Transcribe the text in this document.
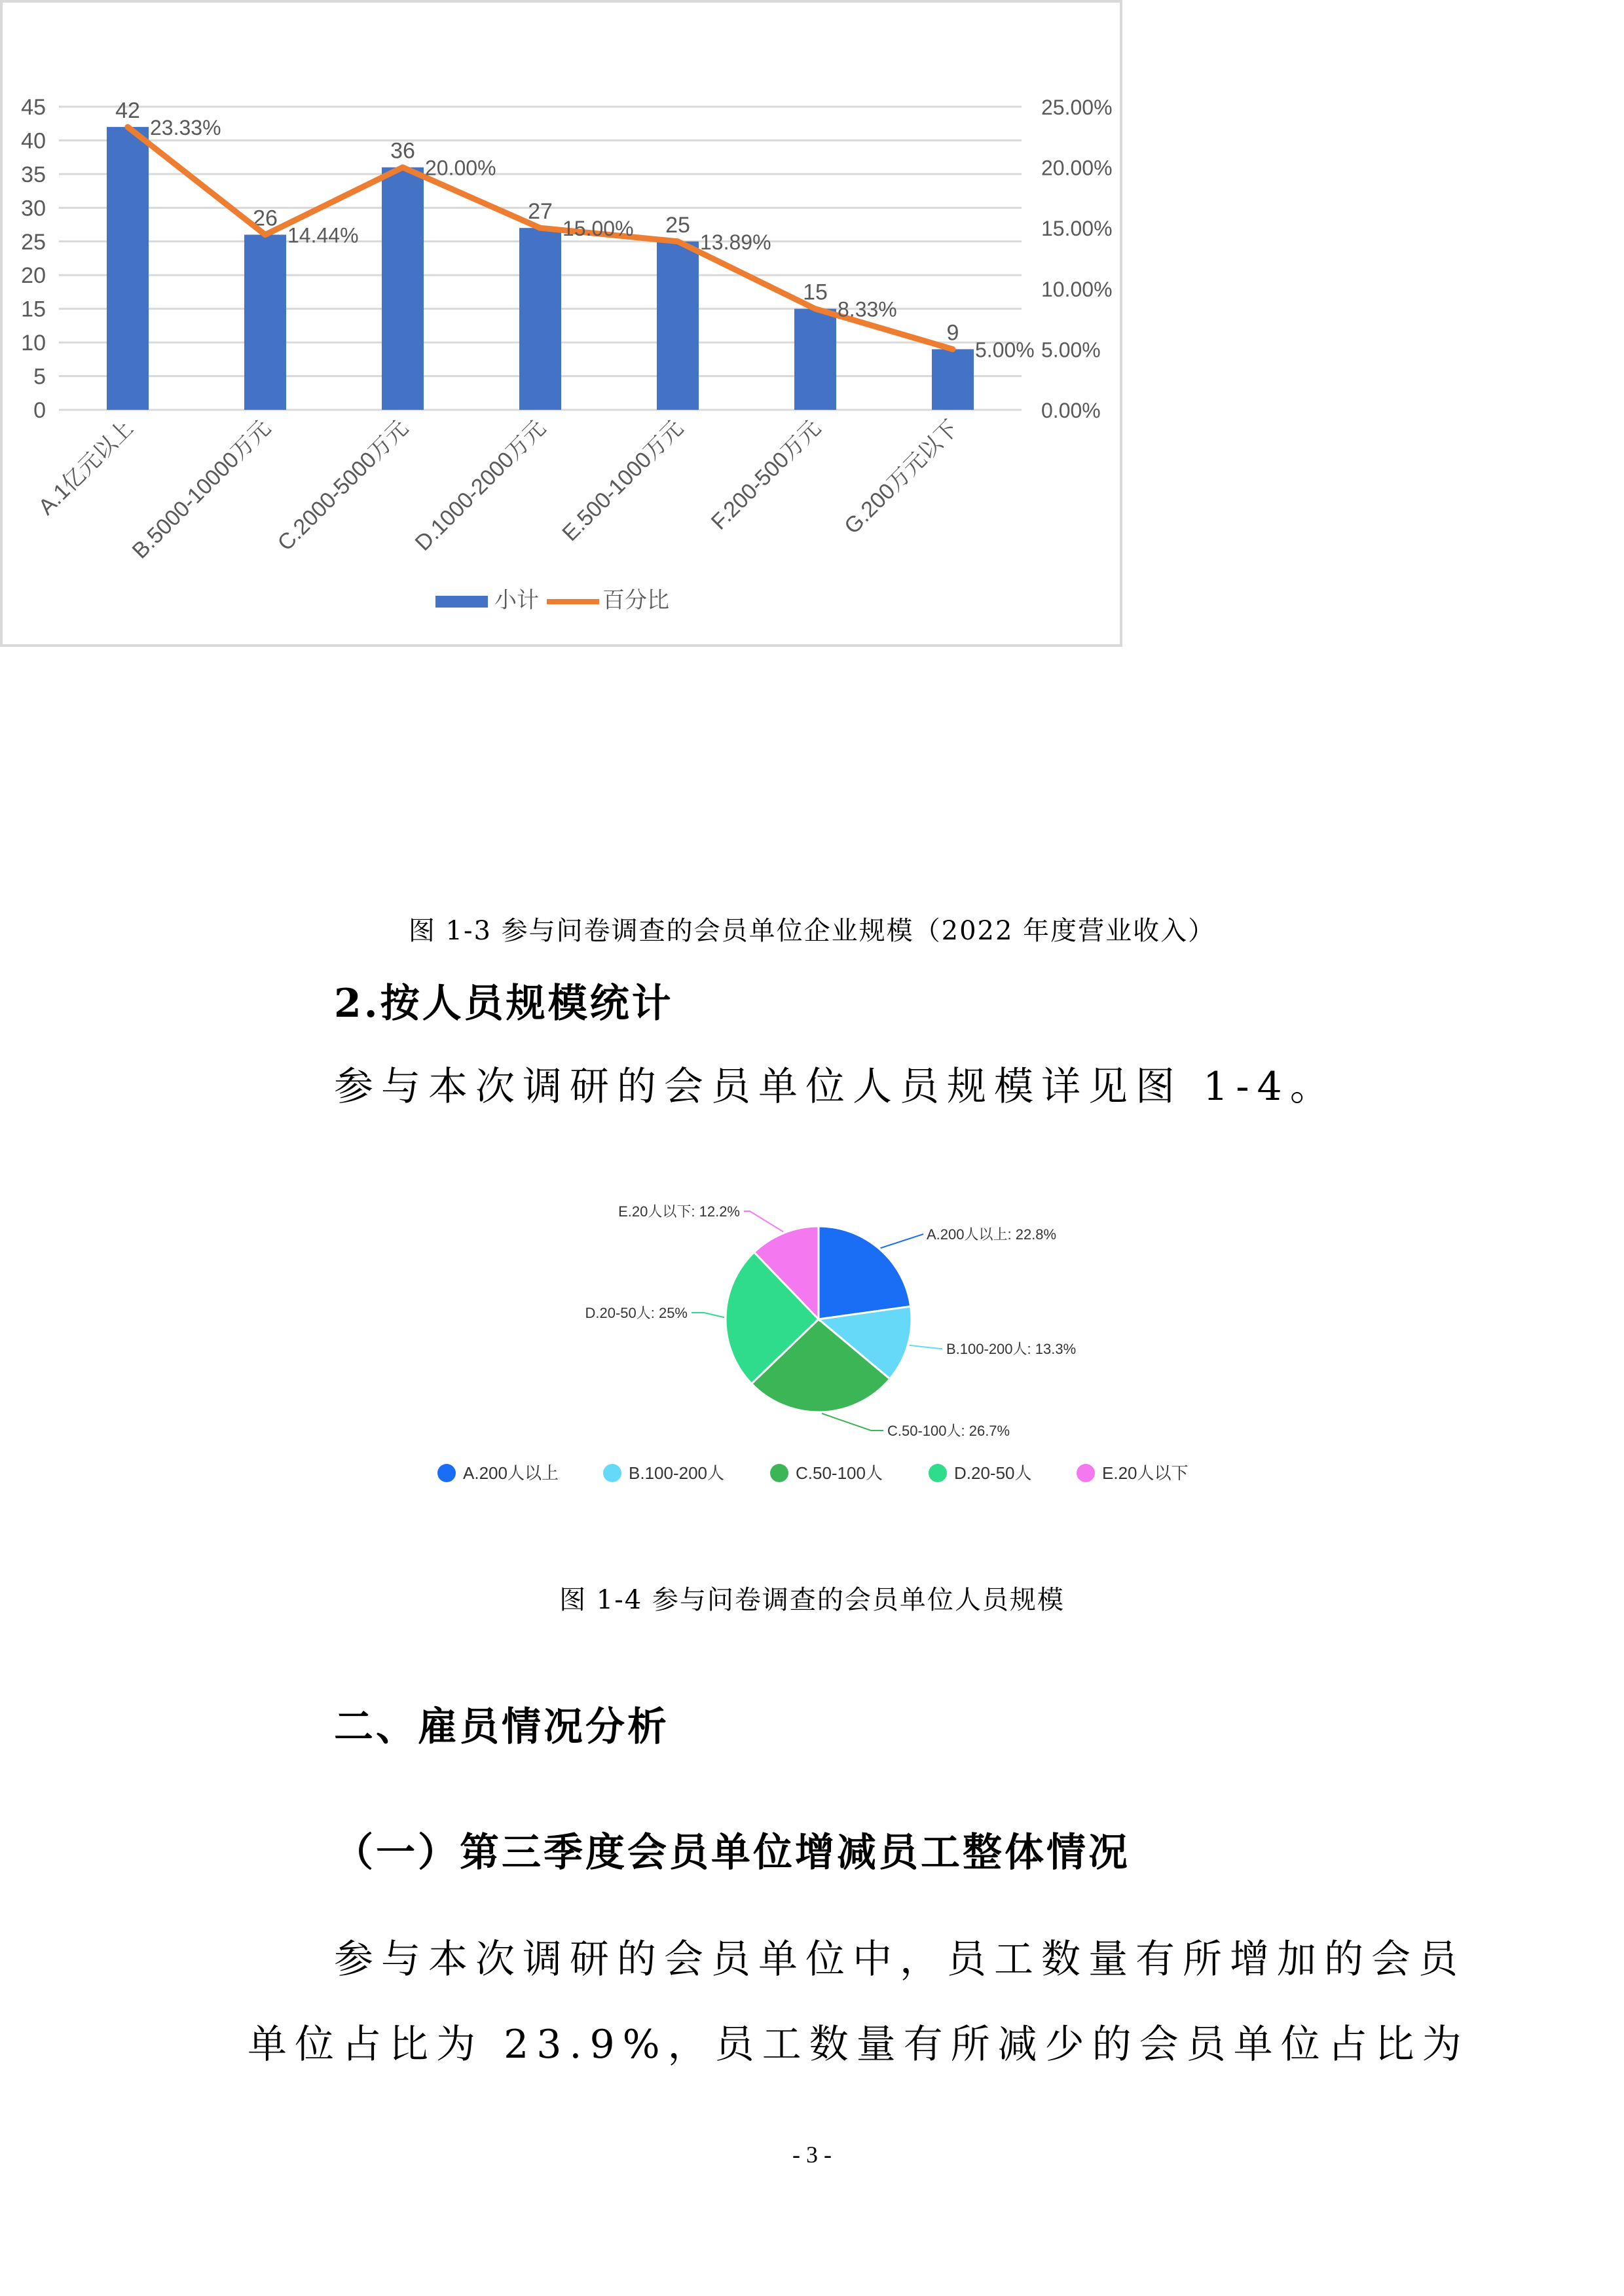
0
5
10
15
20
25
30
35
40
45
0.00%
5.00%
10.00%
15.00%
20.00%
25.00%
42
26
36
27
25
15
9
23.33%
14.44%
20.00%
15.00%
13.89%
8.33%
5.00%
A.1亿元以上
B.5000-10000万元
C.2000-5000万元
D.1000-2000万元 E.500-1000万元 F.200-500万元 G.200万元以下
小计	百分比
图 1-3 参与问卷调查的会员单位企业规模（2022 年度营业收入）
2.按人员规模统计
参与本次调研的会员单位人员规模详见图 1-4。
A.200人以上: 22.8%
B.100-200人: 13.3%
C.50-100人: 26.7%
D.20-50人: 25%
E.20人以下: 12.2%
A.200人以上	B.100-200人	C.50-100人	D.20-50人	E.20人以下
图 1-4 参与问卷调查的会员单位人员规模
二、雇员情况分析
（一）第三季度会员单位增减员工整体情况
参与本次调研的会员单位中，员工数量有所增加的会员
单位占比为 23.9%，员工数量有所减少的会员单位占比为
- 3 -
